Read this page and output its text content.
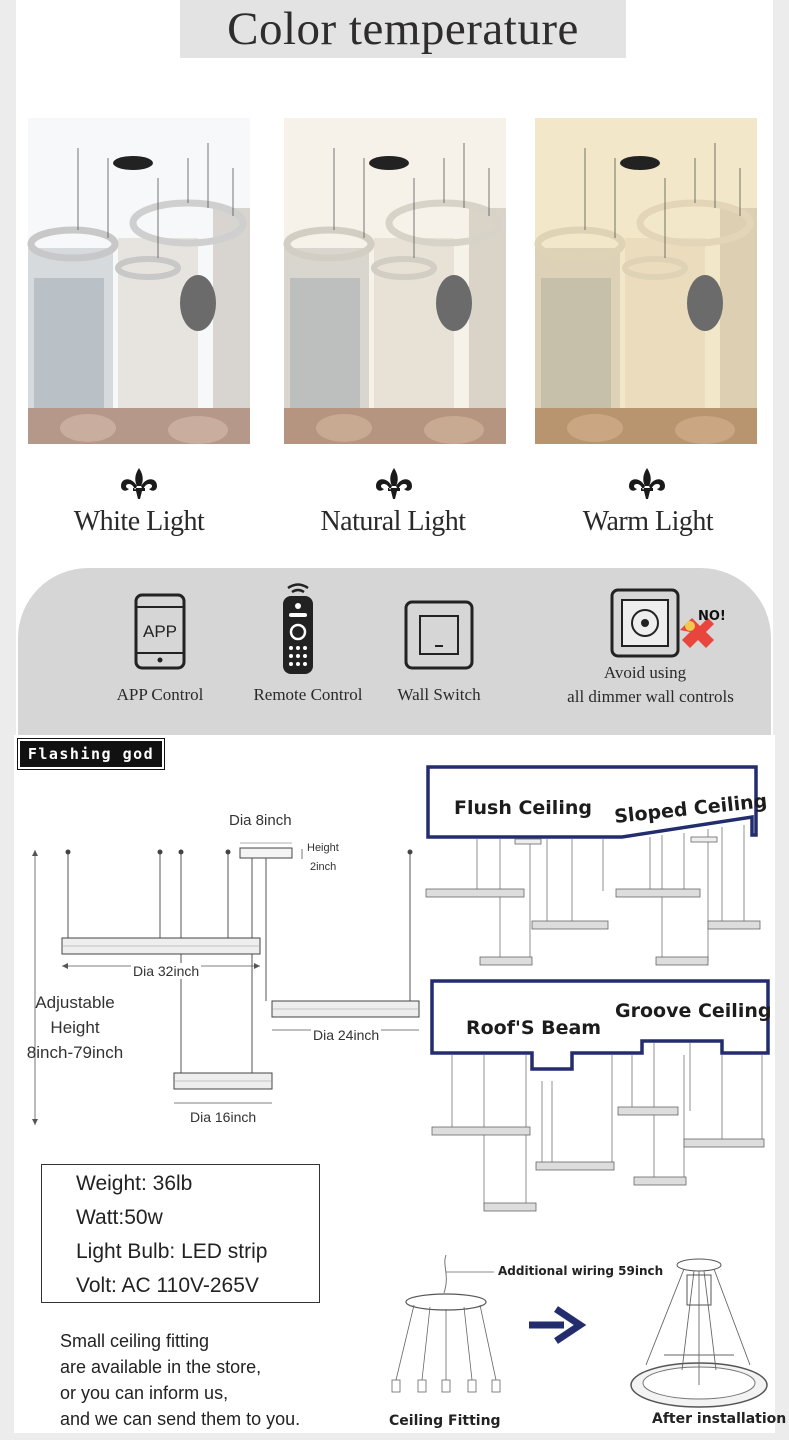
Color temperature
White Light	Natural Light	Warm Light
APP
APP Control	Remote Control	Wall Switch
NO!
Avoid using
all dimmer wall controls
Flashing god
Dia 8inch
Height
2inch
Dia 32inch
Dia 24inch
Dia 16inch
Adjustable
Height
8inch-79inch
Weight: 36lb
Watt:50w
Light Bulb: LED strip
Volt: AC 110V-265V
Small ceiling fitting
are available in the store,
or you can inform us,
and we can send them to you.
Flush Ceiling Sloped Ceiling
Roof'S Beam
Groove Ceiling
Additional wiring 59inch
Ceiling Fitting	After installation
